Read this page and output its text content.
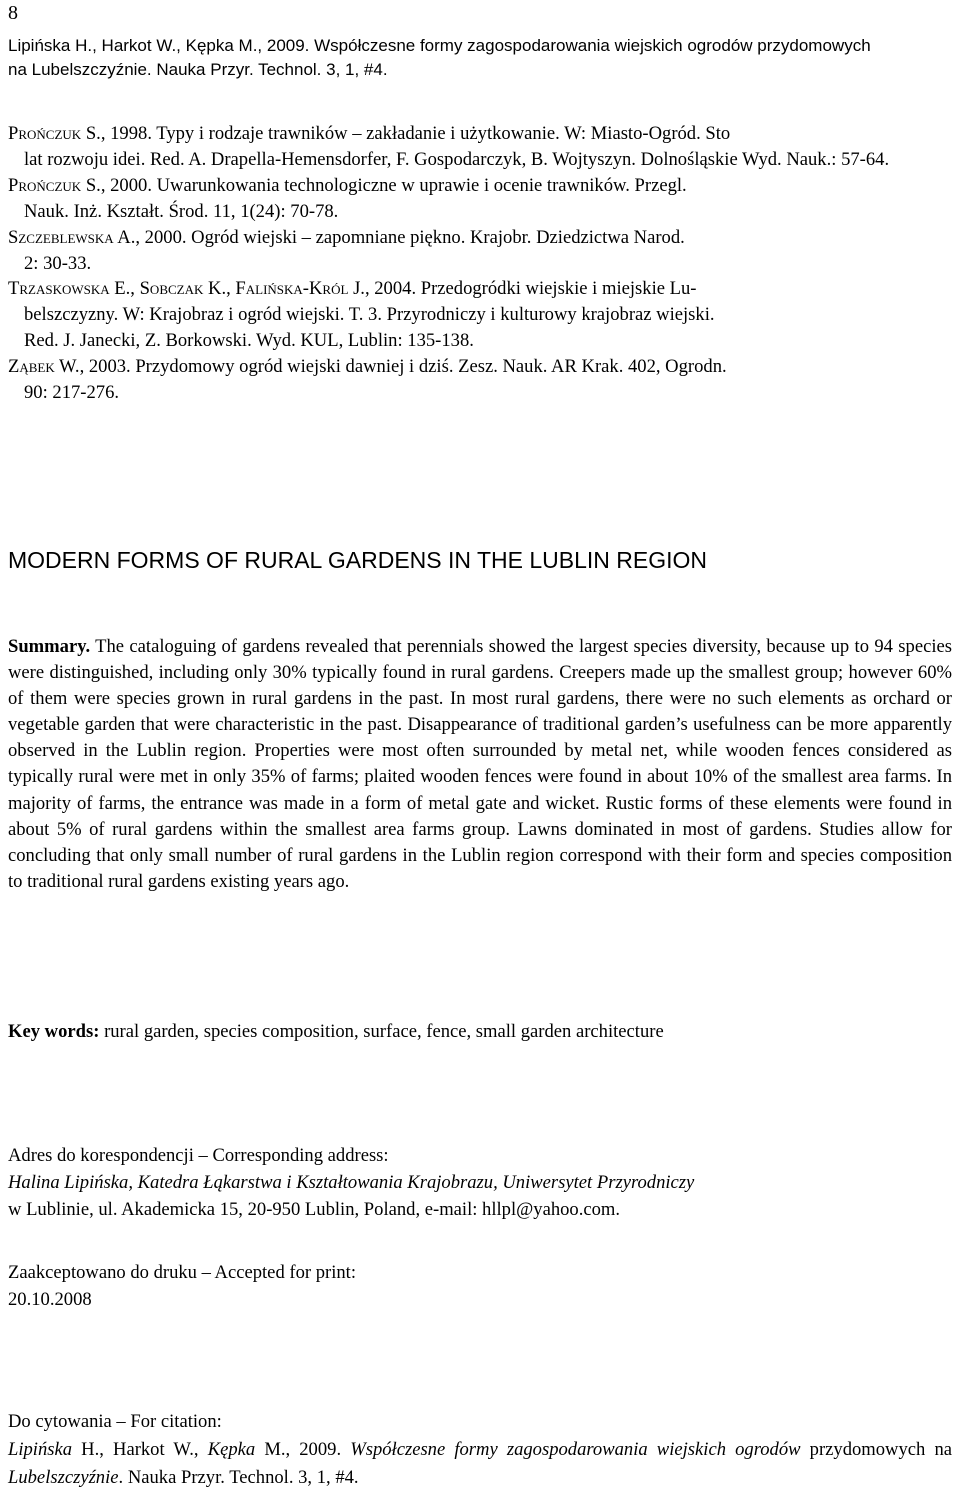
8
Lipińska H., Harkot W., Kępka M., 2009. Współczesne formy zagospodarowania wiejskich ogrodów przydomowych
na Lubelszczyźnie. Nauka Przyr. Technol. 3, 1, #4.
Prończuk S., 1998. Typy i rodzaje trawników – zakładanie i użytkowanie. W: Miasto-Ogród. Sto
lat rozwoju idei. Red. A. Drapella-Hemensdorfer, F. Gospodarczyk, B. Wojtyszyn. Dolnośląskie Wyd. Nauk.: 57-64.
Prończuk S., 2000. Uwarunkowania technologiczne w uprawie i ocenie trawników. Przegl.
Nauk. Inż. Kształt. Środ. 11, 1(24): 70-78.
Szczeblewska A., 2000. Ogród wiejski – zapomniane piękno. Krajobr. Dziedzictwa Narod.
2: 30-33.
Trzaskowska E., Sobczak K., Falińska-Król J., 2004. Przedogródki wiejskie i miejskie Lu-
belszczyzny. W: Krajobraz i ogród wiejski. T. 3. Przyrodniczy i kulturowy krajobraz wiejski.
Red. J. Janecki, Z. Borkowski. Wyd. KUL, Lublin: 135-138.
Ząbek W., 2003. Przydomowy ogród wiejski dawniej i dziś. Zesz. Nauk. AR Krak. 402, Ogrodn.
90: 217-276.
MODERN FORMS OF RURAL GARDENS IN THE LUBLIN REGION
Summary. The cataloguing of gardens revealed that perennials showed the largest species diversity, because up to 94 species were distinguished, including only 30% typically found in rural gardens. Creepers made up the smallest group; however 60% of them were species grown in rural gardens in the past. In most rural gardens, there were no such elements as orchard or vegetable garden that were characteristic in the past. Disappearance of traditional garden’s usefulness can be more apparently observed in the Lublin region. Properties were most often surrounded by metal net, while wooden fences considered as typically rural were met in only 35% of farms; plaited wooden fences were found in about 10% of the smallest area farms. In majority of farms, the entrance was made in a form of metal gate and wicket. Rustic forms of these elements were found in about 5% of rural gardens within the smallest area farms group. Lawns dominated in most of gardens. Studies allow for concluding that only small number of rural gardens in the Lublin region correspond with their form and species composition to traditional rural gardens existing years ago.
Key words: rural garden, species composition, surface, fence, small garden architecture
Adres do korespondencji – Corresponding address:
Halina Lipińska, Katedra Łąkarstwa i Kształtowania Krajobrazu, Uniwersytet Przyrodniczy
w Lublinie, ul. Akademicka 15, 20-950 Lublin, Poland, e-mail: hllpl@yahoo.com.
Zaakceptowano do druku – Accepted for print:
20.10.2008
Do cytowania – For citation:
Lipińska H., Harkot W., Kępka M., 2009. Współczesne formy zagospodarowania wiejskich ogrodów przydomowych na Lubelszczyźnie. Nauka Przyr. Technol. 3, 1, #4.
